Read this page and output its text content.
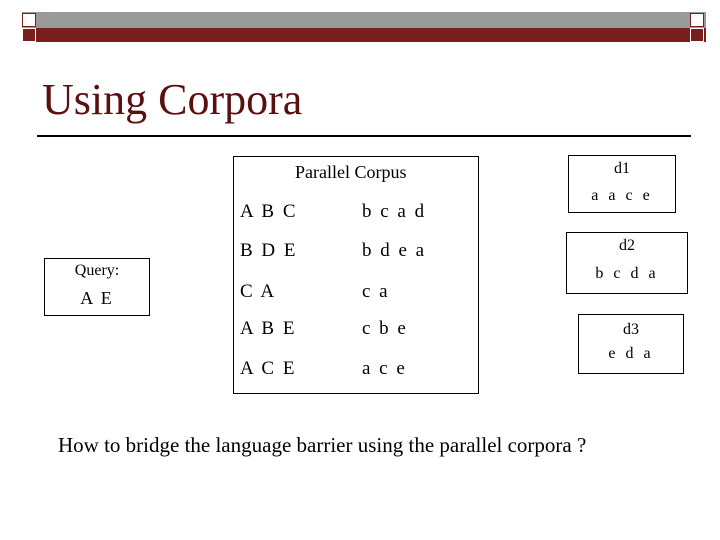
Using Corpora
Parallel Corpus
A B C	b c a d
B D E	b d e a
C A	c a
A B E	c b e
A C E	a c e
Query:
A E
d1
a a c e
d2
b c d a
d3
e d a
How to bridge the language barrier using the parallel corpora ?
